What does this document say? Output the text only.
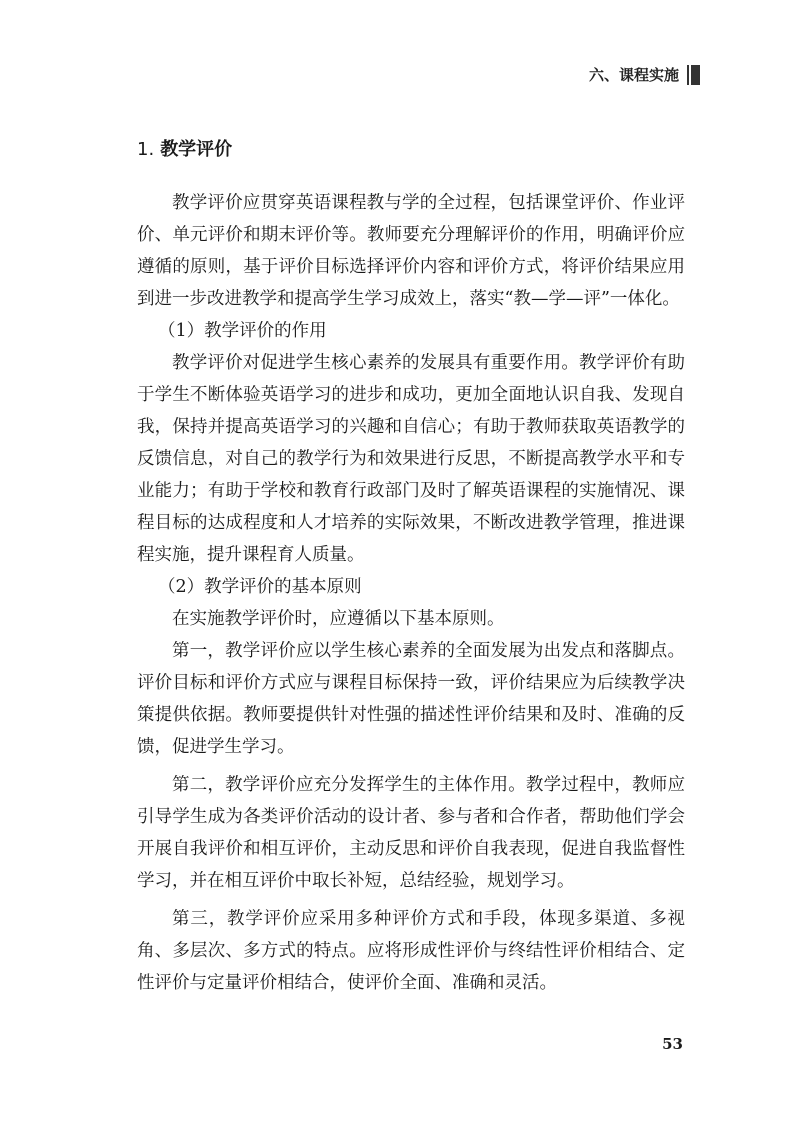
六、课程实施
1. 教学评价

教学评价应贯穿英语课程教与学的全过程，包括课堂评价、作业评价、单元评价和期末评价等。教师要充分理解评价的作用，明确评价应遵循的原则，基于评价目标选择评价内容和评价方式，将评价结果应用到进一步改进教学和提高学生学习成效上，落实“教—学—评”一体化。

（1）教学评价的作用

教学评价对促进学生核心素养的发展具有重要作用。教学评价有助于学生不断体验英语学习的进步和成功，更加全面地认识自我、发现自我，保持并提高英语学习的兴趣和自信心；有助于教师获取英语教学的反馈信息，对自己的教学行为和效果进行反思，不断提高教学水平和专业能力；有助于学校和教育行政部门及时了解英语课程的实施情况、课程目标的达成程度和人才培养的实际效果，不断改进教学管理，推进课程实施，提升课程育人质量。

（2）教学评价的基本原则

在实施教学评价时，应遵循以下基本原则。

第一，教学评价应以学生核心素养的全面发展为出发点和落脚点。评价目标和评价方式应与课程目标保持一致，评价结果应为后续教学决策提供依据。教师要提供针对性强的描述性评价结果和及时、准确的反馈，促进学生学习。

第二，教学评价应充分发挥学生的主体作用。教学过程中，教师应引导学生成为各类评价活动的设计者、参与者和合作者，帮助他们学会开展自我评价和相互评价，主动反思和评价自我表现，促进自我监督性学习，并在相互评价中取长补短，总结经验，规划学习。

第三，教学评价应采用多种评价方式和手段，体现多渠道、多视角、多层次、多方式的特点。应将形成性评价与终结性评价相结合、定性评价与定量评价相结合，使评价全面、准确和灵活。

53
